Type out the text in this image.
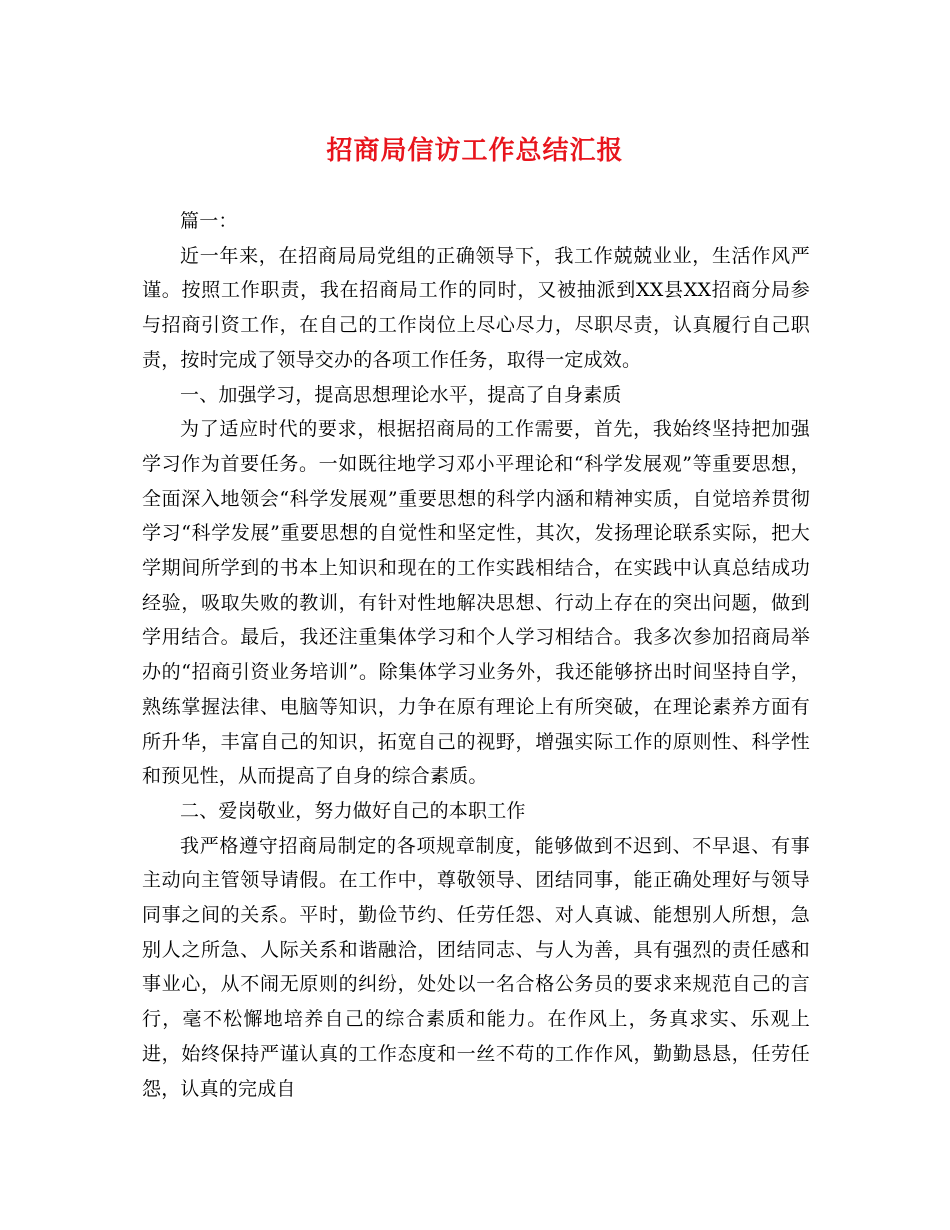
招商局信访工作总结汇报

篇一：

近一年来，在招商局局党组的正确领导下，我工作兢兢业业，生活作风严谨。按照工作职责，我在招商局工作的同时，又被抽派到XX县XX招商分局参与招商引资工作，在自己的工作岗位上尽心尽力，尽职尽责，认真履行自己职责，按时完成了领导交办的各项工作任务，取得一定成效。

一、加强学习，提高思想理论水平，提高了自身素质

为了适应时代的要求，根据招商局的工作需要，首先，我始终坚持把加强学习作为首要任务。一如既往地学习邓小平理论和“科学发展观”等重要思想，全面深入地领会“科学发展观”重要思想的科学内涵和精神实质，自觉培养贯彻学习“科学发展”重要思想的自觉性和坚定性，其次，发扬理论联系实际，把大学期间所学到的书本上知识和现在的工作实践相结合，在实践中认真总结成功经验，吸取失败的教训，有针对性地解决思想、行动上存在的突出问题，做到学用结合。最后，我还注重集体学习和个人学习相结合。我多次参加招商局举办的“招商引资业务培训”。除集体学习业务外，我还能够挤出时间坚持自学，熟练掌握法律、电脑等知识，力争在原有理论上有所突破，在理论素养方面有所升华，丰富自己的知识，拓宽自己的视野，增强实际工作的原则性、科学性和预见性，从而提高了自身的综合素质。

二、爱岗敬业，努力做好自己的本职工作

我严格遵守招商局制定的各项规章制度，能够做到不迟到、不早退、有事主动向主管领导请假。在工作中，尊敬领导、团结同事，能正确处理好与领导同事之间的关系。平时，勤俭节约、任劳任怨、对人真诚、能想别人所想，急别人之所急、人际关系和谐融洽，团结同志、与人为善，具有强烈的责任感和事业心，从不闹无原则的纠纷，处处以一名合格公务员的要求来规范自己的言行，毫不松懈地培养自己的综合素质和能力。在作风上，务真求实、乐观上进，始终保持严谨认真的工作态度和一丝不苟的工作作风，勤勤恳恳，任劳任怨，认真的完成自
